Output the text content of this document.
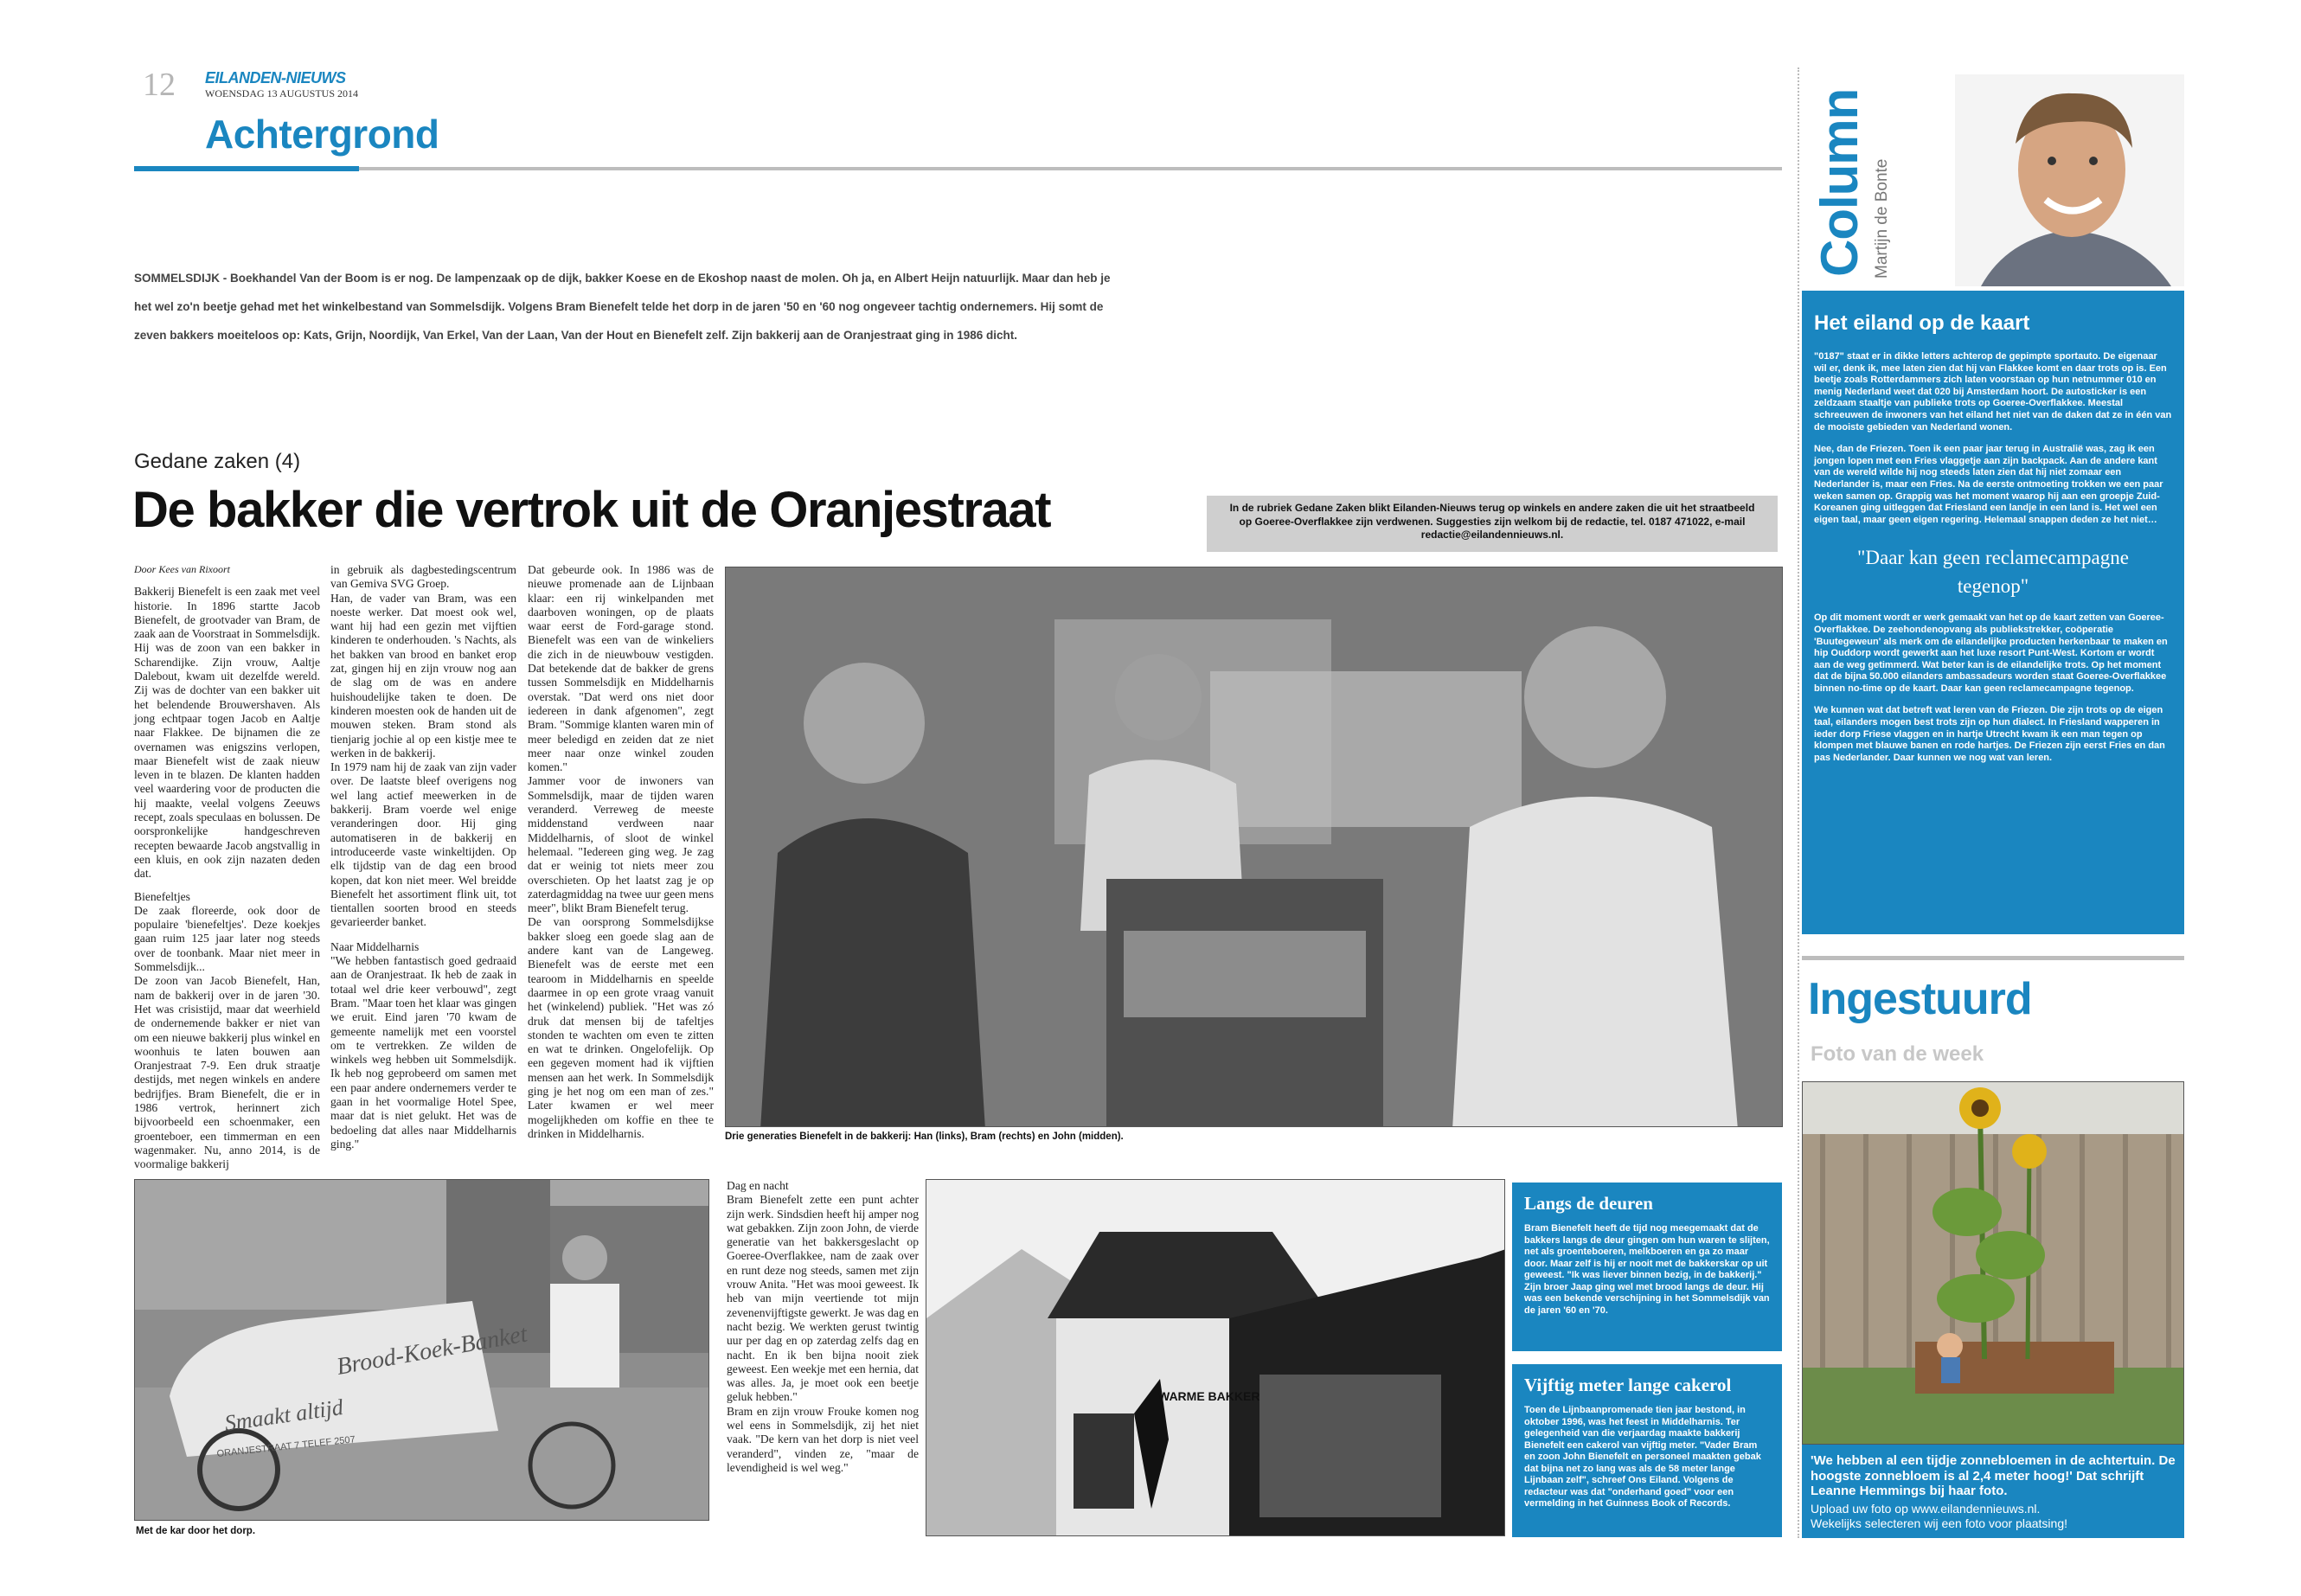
12 EILANDEN-NIEUWS
WOENSDAG 13 AUGUSTUS 2014
Achtergrond
SOMMELSDIJK - Boekhandel Van der Boom is er nog. De lampenzaak op de dijk, bakker Koese en de Ekoshop naast de molen. Oh ja, en Albert Heijn natuurlijk. Maar dan heb je het wel zo'n beetje gehad met het winkelbestand van Sommelsdijk. Volgens Bram Bienefelt telde het dorp in de jaren '50 en '60 nog ongeveer tachtig ondernemers. Hij somt de zeven bakkers moeiteloos op: Kats, Grijn, Noordijk, Van Erkel, Van der Laan, Van der Hout en Bienefelt zelf. Zijn bakkerij aan de Oranjestraat ging in 1986 dicht.
Gedane zaken (4)
De bakker die vertrok uit de Oranjestraat	In de rubriek Gedane Zaken blikt Eilanden-Nieuws terug op winkels en andere zaken die uit het straatbeeld op Goeree-Overflakkee zijn verdwenen. Suggesties zijn welkom bij de redactie, tel. 0187 471022, e-mail redactie@eilandennieuws.nl.
Door Kees van Rixoort
Bakkerij Bienefelt is een zaak met veel historie. In 1896 startte Jacob Bienefelt, de grootvader van Bram, de zaak aan de Voorstraat in Sommelsdijk. Hij was de zoon van een bakker in Scharendijke. Zijn vrouw, Aaltje Dalebout, kwam uit dezelfde wereld. Zij was de dochter van een bakker uit het belendende Brouwershaven. Als jong echtpaar togen Jacob en Aaltje naar Flakkee. De bijnamen die ze overnamen was enigszins verlopen, maar Bienefelt wist de zaak nieuw leven in te blazen. De klanten hadden veel waardering voor de producten die hij maakte, veelal volgens Zeeuws recept, zoals speculaas en bolussen. De oorspronkelijke handgeschreven recepten bewaarde Jacob angstvallig in een kluis, en ook zijn nazaten deden dat.
Bienefeltjes
De zaak floreerde, ook door de populaire 'bienefeltjes'. Deze koekjes gaan ruim 125 jaar later nog steeds over de toonbank. Maar niet meer in Sommelsdijk...
De zoon van Jacob Bienefelt, Han, nam de bakkerij over in de jaren '30. Het was crisistijd, maar dat weerhield de ondernemende bakker er niet van om een nieuwe bakkerij plus winkel en woonhuis te laten bouwen aan Oranjestraat 7-9. Een druk straatje destijds, met negen winkels en andere bedrijfjes. Bram Bienefelt, die er in 1986 vertrok, herinnert zich bijvoorbeeld een schoenmaker, een groenteboer, een timmerman en een wagenmaker. Nu, anno 2014, is de voormalige bakkerij
in gebruik als dagbestedingscentrum van Gemiva SVG Groep.
Han, de vader van Bram, was een noeste werker. Dat moest ook wel, want hij had een gezin met vijftien kinderen te onderhouden. 's Nachts, als het bakken van brood en banket erop zat, gingen hij en zijn vrouw nog aan de slag om de was en andere huishoudelijke taken te doen. De kinderen moesten ook de handen uit de mouwen steken. Bram stond als tienjarig jochie al op een kistje mee te werken in de bakkerij.
In 1979 nam hij de zaak van zijn vader over. De laatste bleef overigens nog wel lang actief meewerken in de bakkerij. Bram voerde wel enige veranderingen door. Hij ging automatiseren in de bakkerij en introduceerde vaste winkeltijden. Op elk tijdstip van de dag een brood kopen, dat kon niet meer. Wel breidde Bienefelt het assortiment flink uit, tot tientallen soorten brood en steeds gevarieerder banket.
Naar Middelharnis
"We hebben fantastisch goed gedraaid aan de Oranjestraat. Ik heb de zaak in totaal wel drie keer verbouwd", zegt Bram. "Maar toen het klaar was gingen we eruit. Eind jaren '70 kwam de gemeente namelijk met een voorstel om te vertrekken. Ze wilden de winkels weg hebben uit Sommelsdijk. Ik heb nog geprobeerd om samen met een paar andere ondernemers verder te gaan in het voormalige Hotel Spee, maar dat is niet gelukt. Het was de bedoeling dat alles naar Middelharnis ging."
Dat gebeurde ook. In 1986 was de nieuwe promenade aan de Lijnbaan klaar: een rij winkelpanden met daarboven woningen, op de plaats waar eerst de Ford-garage stond. Bienefelt was een van de winkeliers die zich in de nieuwbouw vestigden. Dat betekende dat de bakker de grens tussen Sommelsdijk en Middelharnis overstak. "Dat werd ons niet door iedereen in dank afgenomen", zegt Bram. "Sommige klanten waren min of meer beledigd en zeiden dat ze niet meer naar onze winkel zouden komen."
Jammer voor de inwoners van Sommelsdijk, maar de tijden waren veranderd. Verreweg de meeste middenstand verdween naar Middelharnis, of sloot de winkel helemaal. "Iedereen ging weg. Je zag dat er weinig tot niets meer zou overschieten. Op het laatst zag je op zaterdagmiddag na twee uur geen mens meer", blikt Bram Bienefelt terug.
De van oorsprong Sommelsdijkse bakker sloeg een goede slag aan de andere kant van de Langeweg. Bienefelt was de eerste met een tearoom in Middelharnis en speelde daarmee in op een grote vraag vanuit het (winkelend) publiek. "Het was zó druk dat mensen bij de tafeltjes stonden te wachten om even te zitten en wat te drinken. Ongelofelijk. Op een gegeven moment had ik vijftien mensen aan het werk. In Sommelsdijk ging je het nog om een man of zes." Later kwamen er wel meer mogelijkheden om koffie en thee te drinken in Middelharnis.	Drie generaties Bienefelt in de bakkerij: Han (links), Bram (rechts) en John (midden).
Brood-Koek-Banket
Smaakt altijd
ORANJESTRAAT 7 TELEF 2507
Met de kar door het dorp.
Dag en nacht
Bram Bienefelt zette een punt achter zijn werk. Sindsdien heeft hij amper nog wat gebakken. Zijn zoon John, de vierde generatie van het bakkersgeslacht op Goeree-Overflakkee, nam de zaak over en runt deze nog steeds, samen met zijn vrouw Anita. "Het was mooi geweest. Ik heb van mijn veertiende tot mijn zevenenvijftigste gewerkt. Je was dag en nacht bezig. We werkten gerust twintig uur per dag en op zaterdag zelfs dag en nacht. En ik ben bijna nooit ziek geweest. Een weekje met een hernia, dat was alles. Ja, je moet ook een beetje geluk hebben."
Bram en zijn vrouw Frouke komen nog wel eens in Sommelsdijk, zij het niet vaak. "De kern van het dorp is niet veel veranderd", vinden ze, "maar de levendigheid is wel weg."
WARME BAKKER
Langs de deuren
Bram Bienefelt heeft de tijd nog meegemaakt dat de bakkers langs de deur gingen om hun waren te slijten, net als groenteboeren, melkboeren en ga zo maar door. Maar zelf is hij er nooit met de bakkerskar op uit geweest. "Ik was liever binnen bezig, in de bakkerij." Zijn broer Jaap ging wel met brood langs de deur. Hij was een bekende verschijning in het Sommelsdijk van de jaren '60 en '70.
Vijftig meter lange cakerol
Toen de Lijnbaanpromenade tien jaar bestond, in oktober 1996, was het feest in Middelharnis. Ter gelegenheid van die verjaardag maakte bakkerij Bienefelt een cakerol van vijftig meter. "Vader Bram en zoon John Bienefelt en personeel maakten gebak dat bijna net zo lang was als de 58 meter lange Lijnbaan zelf", schreef Ons Eiland. Volgens de redacteur was dat "onderhand goed" voor een vermelding in het Guinness Book of Records.
Column Martijn de Bonte
Het eiland op de kaart
"0187" staat er in dikke letters achterop de gepimpte sportauto. De eigenaar wil er, denk ik, mee laten zien dat hij van Flakkee komt en daar trots op is. Een beetje zoals Rotterdammers zich laten voorstaan op hun netnummer 010 en menig Nederland weet dat 020 bij Amsterdam hoort. De autosticker is een zeldzaam staaltje van publieke trots op Goeree-Overflakkee. Meestal schreeuwen de inwoners van het eiland het niet van de daken dat ze in één van de mooiste gebieden van Nederland wonen.
Nee, dan de Friezen. Toen ik een paar jaar terug in Australië was, zag ik een jongen lopen met een Fries vlaggetje aan zijn backpack. Aan de andere kant van de wereld wilde hij nog steeds laten zien dat hij niet zomaar een Nederlander is, maar een Fries. Na de eerste ontmoeting trokken we een paar weken samen op. Grappig was het moment waarop hij aan een groepje Zuid-Koreanen ging uitleggen dat Friesland een landje in een land is. Het wel een eigen taal, maar geen eigen regering. Helemaal snappen deden ze het niet…
"Daar kan geen reclamecampagne tegenop"
Op dit moment wordt er werk gemaakt van het op de kaart zetten van Goeree-Overflakkee. De zeehondenopvang als publiekstrekker, coöperatie 'Buutegeweun' als merk om de eilandelijke producten herkenbaar te maken en hip Ouddorp wordt gewerkt aan het luxe resort Punt-West. Kortom er wordt aan de weg getimmerd. Wat beter kan is de eilandelijke trots. Op het moment dat de bijna 50.000 eilanders ambassadeurs worden staat Goeree-Overflakkee binnen no-time op de kaart. Daar kan geen reclamecampagne tegenop.
We kunnen wat dat betreft wat leren van de Friezen. Die zijn trots op de eigen taal, eilanders mogen best trots zijn op hun dialect. In Friesland wapperen in ieder dorp Friese vlaggen en in hartje Utrecht kwam ik een man tegen op klompen met blauwe banen en rode hartjes. De Friezen zijn eerst Fries en dan pas Nederlander. Daar kunnen we nog wat van leren.
Ingestuurd
Foto van de week
'We hebben al een tijdje zonnebloemen in de achtertuin. De hoogste zonnebloem is al 2,4 meter hoog!' Dat schrijft Leanne Hemmings bij haar foto.
Upload uw foto op www.eilandennieuws.nl.
Wekelijks selecteren wij een foto voor plaatsing!
